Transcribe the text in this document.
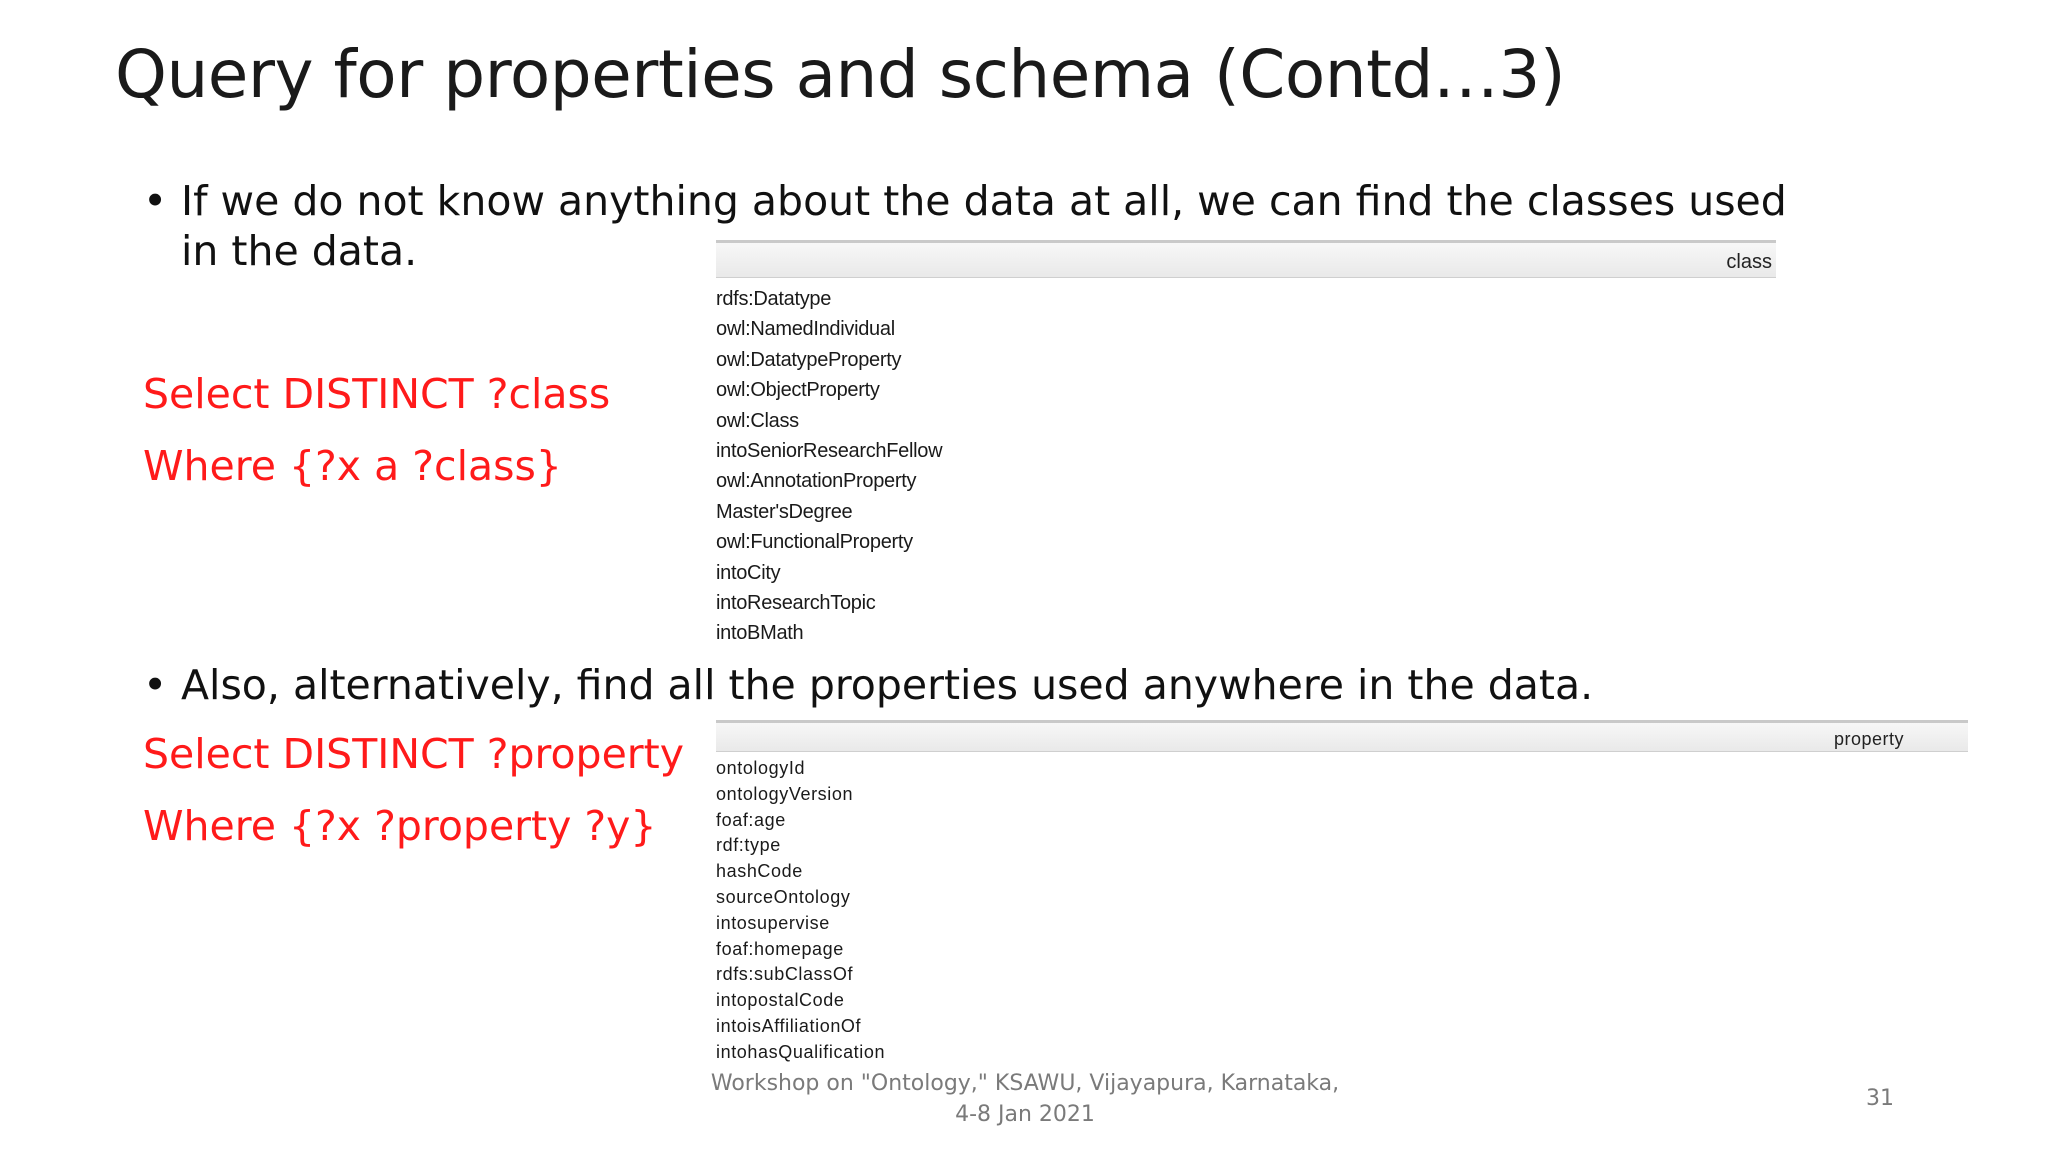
Query for properties and schema (Contd…3)
• If we do not know anything about the data at all, we can find the classes used in the data.
Select DISTINCT ?class
Where {?x a ?class}
class
rdfs:Datatype
owl:NamedIndividual
owl:DatatypeProperty
owl:ObjectProperty
owl:Class
intoSeniorResearchFellow
owl:AnnotationProperty
Master'sDegree
owl:FunctionalProperty
intoCity
intoResearchTopic
intoBMath
• Also, alternatively, find all the properties used anywhere in the data.
Select DISTINCT ?property
Where {?x ?property ?y}
property
ontologyId
ontologyVersion
foaf:age
rdf:type
hashCode
sourceOntology
intosupervise
foaf:homepage
rdfs:subClassOf
intopostalCode
intoisAffiliationOf
intohasQualification
Workshop on "Ontology," KSAWU, Vijayapura, Karnataka, 4-8 Jan 2021
31
